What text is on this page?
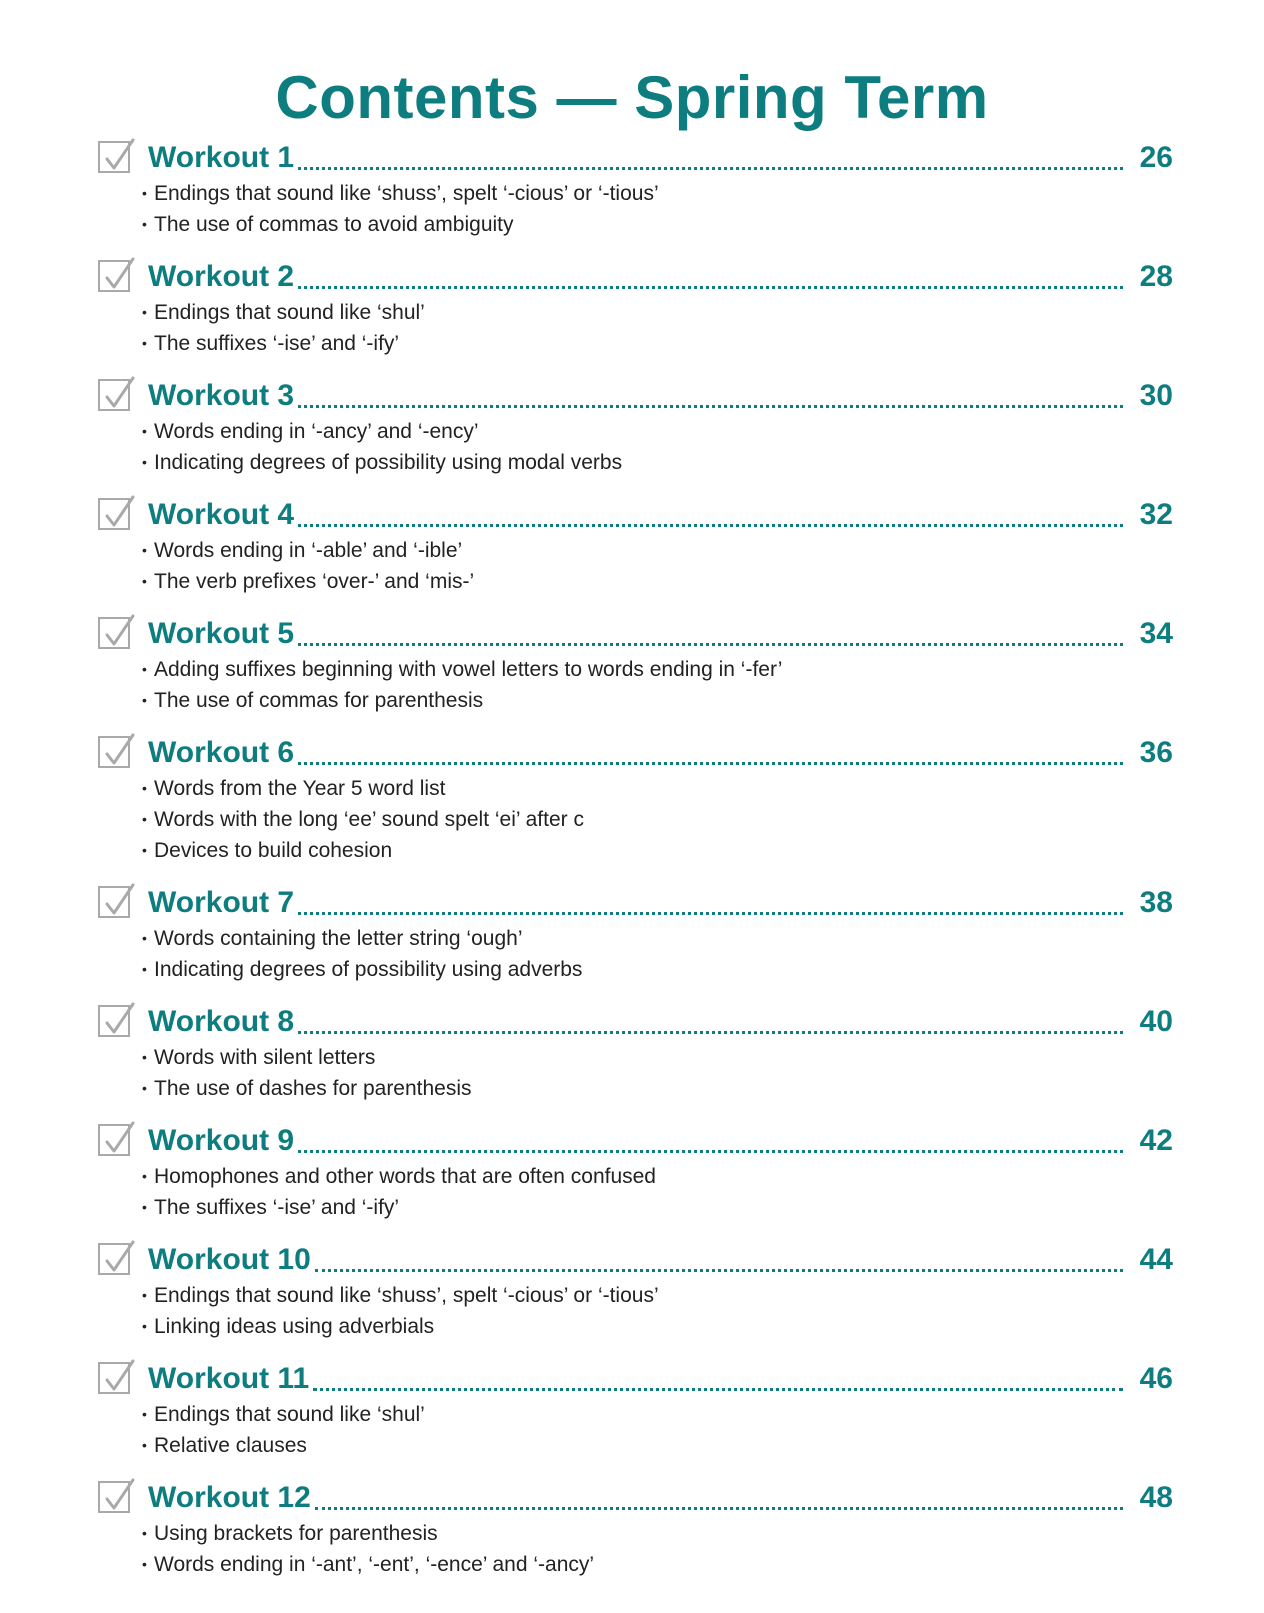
Contents — Spring Term
Workout 1	26
• Endings that sound like ‘shuss’, spelt ‘-cious’ or ‘-tious’
• The use of commas to avoid ambiguity
Workout 2	28
• Endings that sound like ‘shul’
• The suffixes ‘-ise’ and ‘-ify’
Workout 3	30
• Words ending in ‘-ancy’ and ‘-ency’
• Indicating degrees of possibility using modal verbs
Workout 4	32
• Words ending in ‘-able’ and ‘-ible’
• The verb prefixes ‘over-’ and ‘mis-’
Workout 5	34
• Adding suffixes beginning with vowel letters to words ending in ‘-fer’
• The use of commas for parenthesis
Workout 6	36
• Words from the Year 5 word list
• Words with the long ‘ee’ sound spelt ‘ei’ after c
• Devices to build cohesion
Workout 7	38
• Words containing the letter string ‘ough’
• Indicating degrees of possibility using adverbs
Workout 8	40
• Words with silent letters
• The use of dashes for parenthesis
Workout 9	42
• Homophones and other words that are often confused
• The suffixes ‘-ise’ and ‘-ify’
Workout 10	44
• Endings that sound like ‘shuss’, spelt ‘-cious’ or ‘-tious’
• Linking ideas using adverbials
Workout 11	46
• Endings that sound like ‘shul’
• Relative clauses
Workout 12	48
• Using brackets for parenthesis
• Words ending in ‘-ant’, ‘-ent’, ‘-ence’ and ‘-ancy’
